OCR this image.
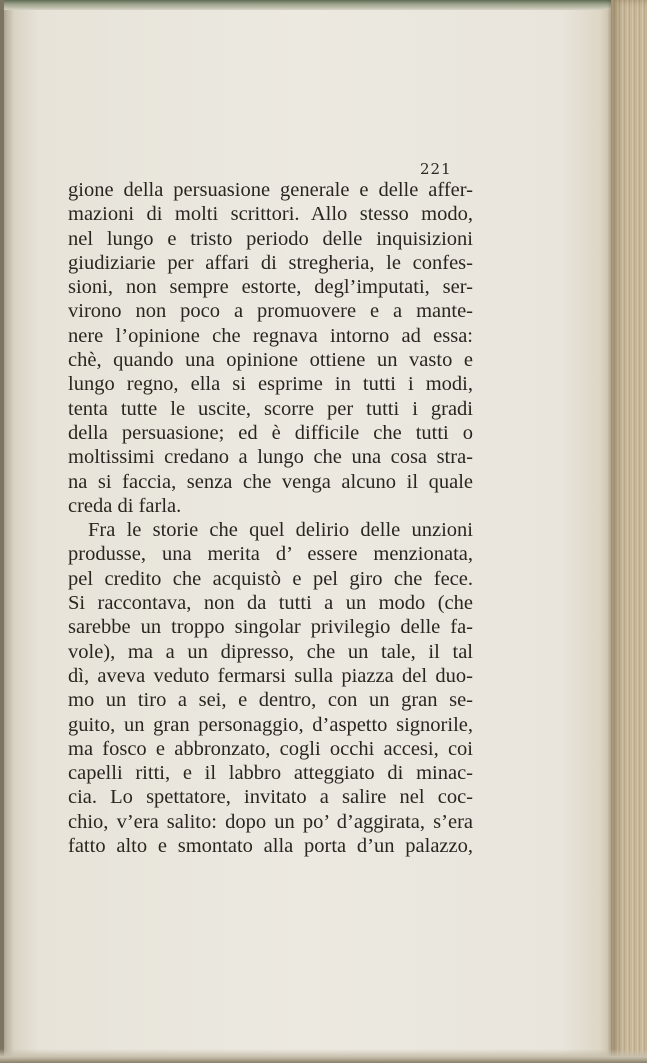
221
gione della persuasione generale e delle affer-
mazioni di molti scrittori. Allo stesso modo,
nel lungo e tristo periodo delle inquisizioni
giudiziarie per affari di stregheria, le confes-
sioni, non sempre estorte, degl’imputati, ser-
virono non poco a promuovere e a mante-
nere l’opinione che regnava intorno ad essa:
chè, quando una opinione ottiene un vasto e
lungo regno, ella si esprime in tutti i modi,
tenta tutte le uscite, scorre per tutti i gradi
della persuasione; ed è difficile che tutti o
moltissimi credano a lungo che una cosa stra-
na si faccia, senza che venga alcuno il quale
creda di farla.
Fra le storie che quel delirio delle unzioni
produsse, una merita d’ essere menzionata,
pel credito che acquistò e pel giro che fece.
Si raccontava, non da tutti a un modo (che
sarebbe un troppo singolar privilegio delle fa-
vole), ma a un dipresso, che un tale, il tal
dì, aveva veduto fermarsi sulla piazza del duo-
mo un tiro a sei, e dentro, con un gran se-
guito, un gran personaggio, d’aspetto signorile,
ma fosco e abbronzato, cogli occhi accesi, coi
capelli ritti, e il labbro atteggiato di minac-
cia. Lo spettatore, invitato a salire nel coc-
chio, v’era salito: dopo un po’ d’aggirata, s’era
fatto alto e smontato alla porta d’un palazzo,
